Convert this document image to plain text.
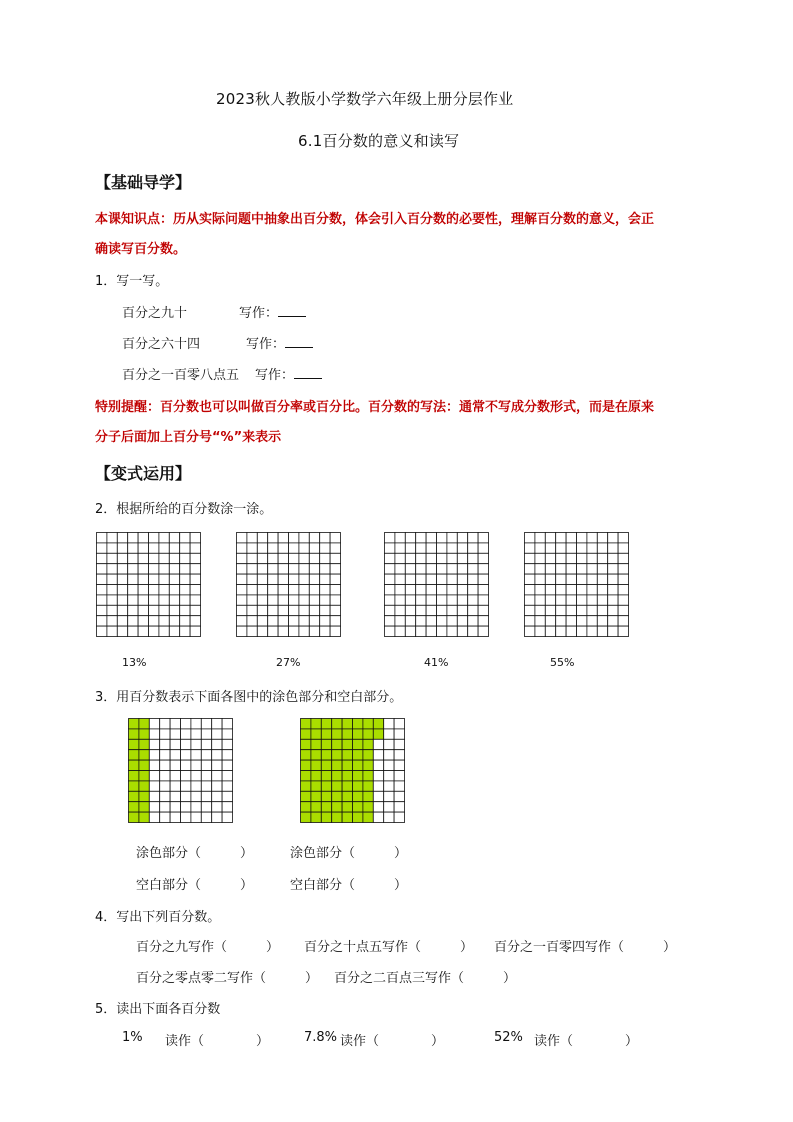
2023秋人教版小学数学六年级上册分层作业
6.1百分数的意义和读写
【基础导学】
本课知识点：历从实际问题中抽象出百分数，体会引入百分数的必要性，理解百分数的意义，会正
确读写百分数。
1．写一写。
百分之九十	写作：
百分之六十四	写作：
百分之一百零八点五 写作：
特别提醒：百分数也可以叫做百分率或百分比。百分数的写法：通常不写成分数形式，而是在原来
分子后面加上百分号“%”来表示
【变式运用】
2．根据所给的百分数涂一涂。
13%	27%	41%	55%
3．用百分数表示下面各图中的涂色部分和空白部分。
涂色部分（　　　）	涂色部分（　　　）
空白部分（　　　）	空白部分（　　　）
4．写出下列百分数。
百分之九写作（　　　） 百分之十点五写作（　　　） 百分之一百零四写作（　　　）
百分之零点零二写作（　　　） 百分之二百点三写作（　　　）
5．读出下面各百分数
1% 读作（　　　　）	7.8% 读作（　　　　）	52% 读作（　　　　）
